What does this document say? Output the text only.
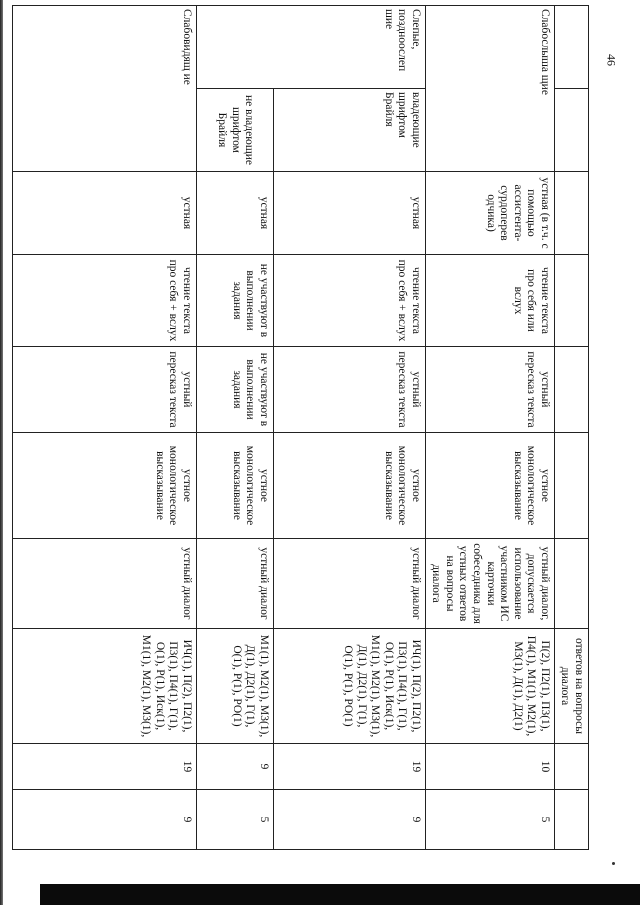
46
							ответов на вопросы диалога		
Слабослыша щие		устная (в т.ч. с помощью ассистента-сурдоперев одчика)	чтение текста про себя или вслух	устный пересказ текста	устное монологическое высказывание	устный диалог, допускается использование участником ИС карточки собеседника для устных ответов на вопросы диалога	П(2), П2(1), П3(1), П4(1), М1(1), М2(1), М3(1), Д(1), Д2(1)	10	5
Слепые, поздноослеп шие	владеющие шрифтом Брайля	устная	чтение текста про себя + вслух	устный пересказ текста	устное монологическое высказывание	устный диалог	ИЧ(1), П(2), П2(1), П3(1), П4(1), Г(1), О(1), Р(1), Иск(1), М1(1), М2(1), М3(1), Д(1), Д2(1), Г(1), О(1), Р(1), РО(1)	19	9
	не владеющие шрифтом Брайля	устная	не участвуют в выполнении задания	не участвуют в выполнении задания	устное монологическое высказывание	устный диалог	М1(1), М2(1), М3(1), Д(1), Д2(1), Г(1), О(1), Р(1), РО(1)	9	5
Слабовидящ ие		устная	чтение текста про себя + вслух	устный пересказ текста	устное монологическое высказывание	устный диалог	ИЧ(1), П(2), П2(1), П3(1), П4(1), Г(1), О(1), Р(1), Иск(1), М1(1), М2(1), М3(1),	19	9
